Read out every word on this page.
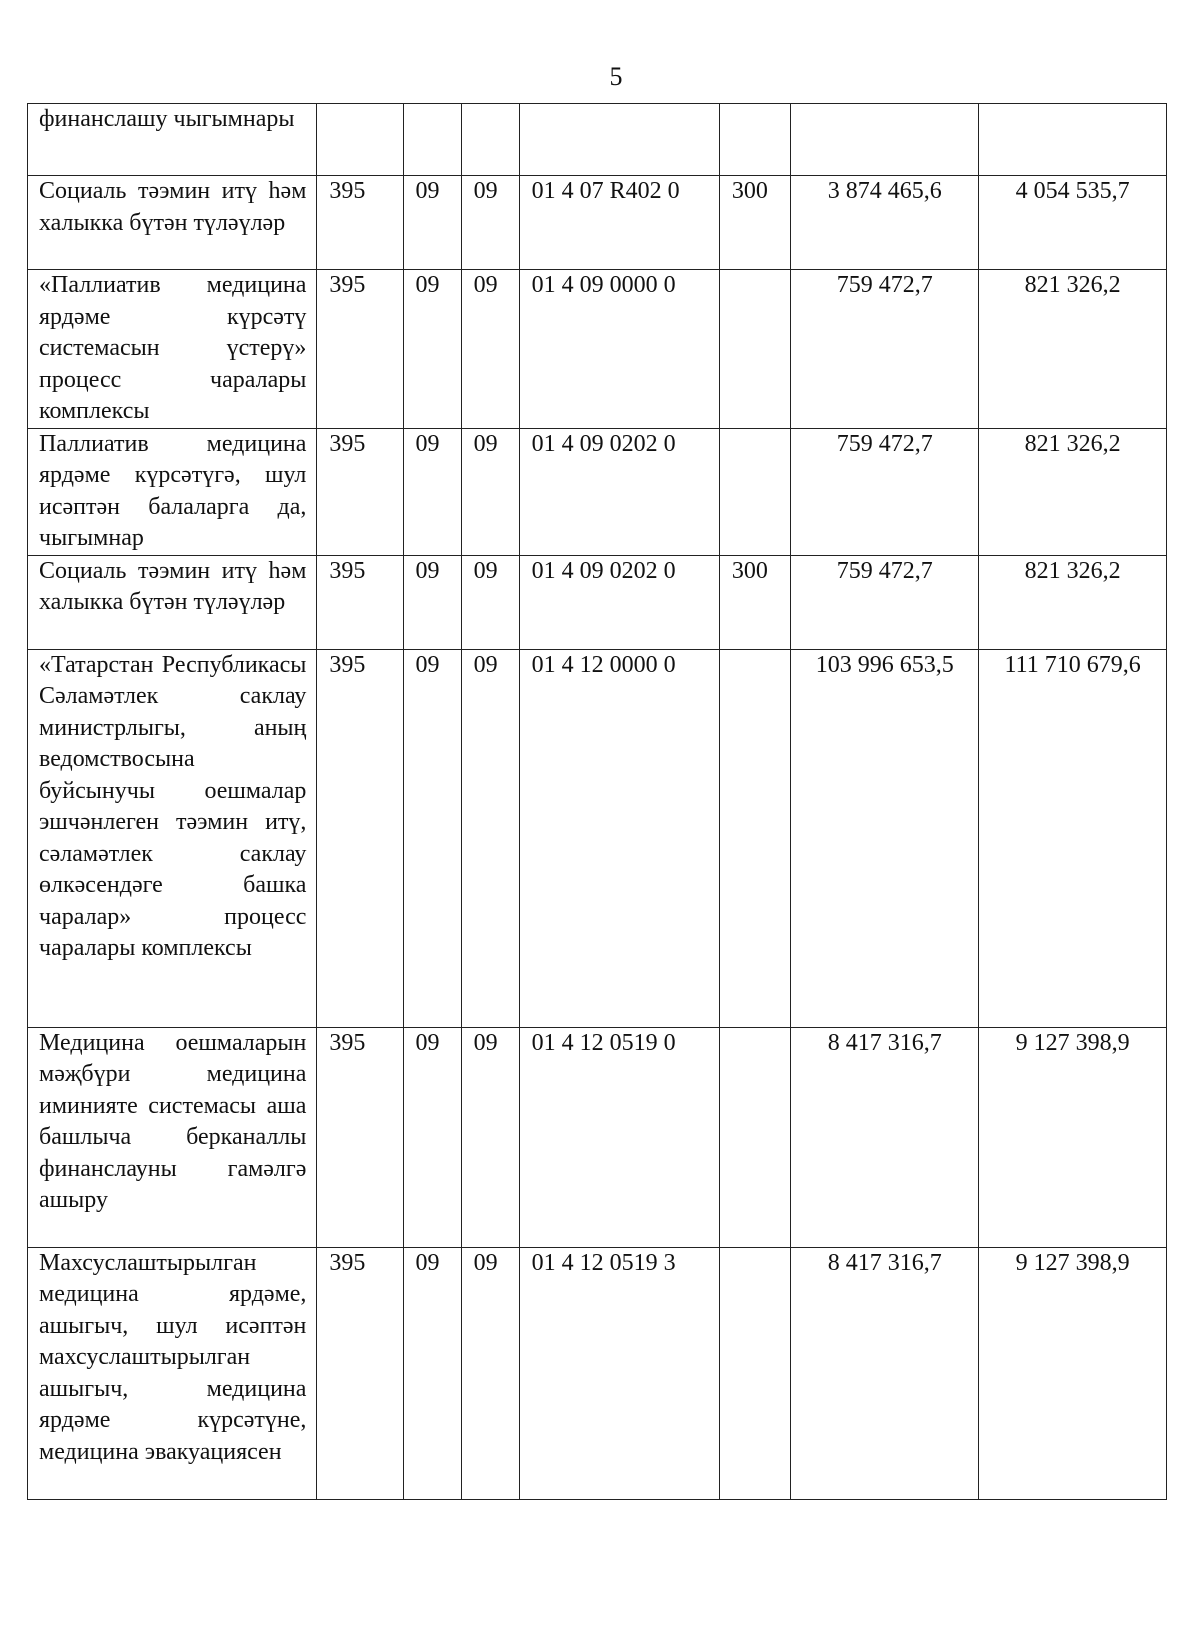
5
финанслашу чыгымнары							

Социаль тәэмин итү һәм халыкка бүтән түләүләр	395	09	09	01 4 07 R402 0	300	3 874 465,6	4 054 535,7

«Паллиатив медицина ярдәме күрсәтү системасын үстерү» процесс чаралары комплексы	395	09	09	01 4 09 0000 0		759 472,7	821 326,2

Паллиатив медицина ярдәме күрсәтүгә, шул исәптән балаларга да, чыгымнар	395	09	09	01 4 09 0202 0		759 472,7	821 326,2

Социаль тәэмин итү һәм халыкка бүтән түләүләр	395	09	09	01 4 09 0202 0	300	759 472,7	821 326,2

«Татарстан Республикасы Сәламәтлек саклау министрлыгы, аның ведомствосына буйсынучы оешмалар эшчәнлеген тәэмин итү, сәламәтлек саклау өлкәсендәге башка чаралар» процесс чаралары комплексы	395	09	09	01 4 12 0000 0		103 996 653,5	111 710 679,6

Медицина оешмаларын мәҗбүри медицина иминияте системасы аша башлыча берканаллы финанслауны гамәлгә ашыру	395	09	09	01 4 12 0519 0		8 417 316,7	9 127 398,9

Махсуслаштырылган медицина ярдәме, ашыгыч, шул исәптән махсуслаштырылган ашыгыч, медицина ярдәме күрсәтүне, медицина эвакуациясен	395	09	09	01 4 12 0519 3		8 417 316,7	9 127 398,9
